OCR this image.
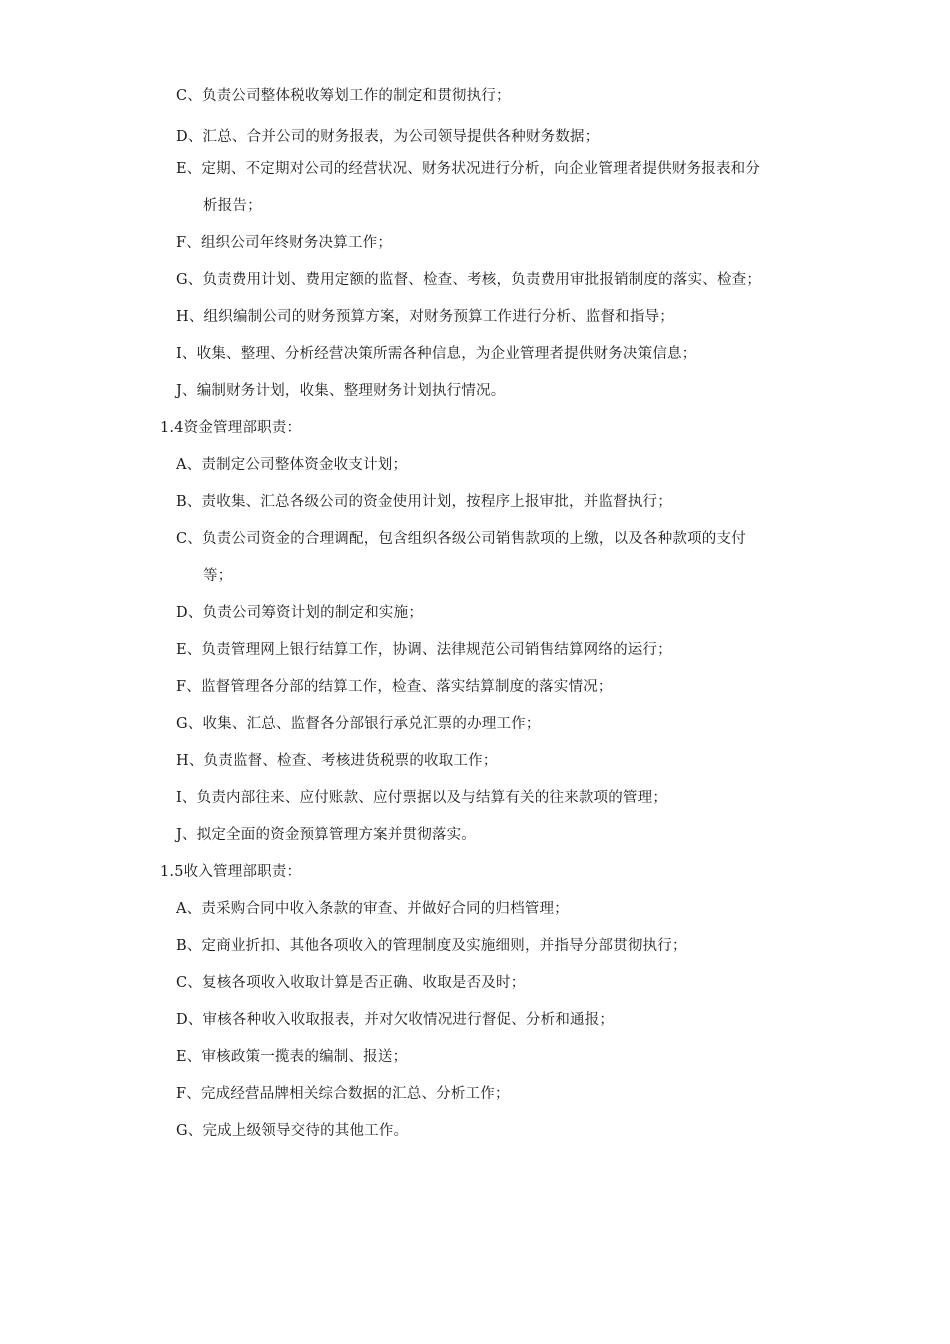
C、负责公司整体税收筹划工作的制定和贯彻执行；
D、汇总、合并公司的财务报表，为公司领导提供各种财务数据；
E、定期、不定期对公司的经营状况、财务状况进行分析，向企业管理者提供财务报表和分
析报告；
F、组织公司年终财务决算工作；
G、负责费用计划、费用定额的监督、检查、考核，负责费用审批报销制度的落实、检查；
H、组织编制公司的财务预算方案，对财务预算工作进行分析、监督和指导；
I、收集、整理、分析经营决策所需各种信息，为企业管理者提供财务决策信息；
J、编制财务计划，收集、整理财务计划执行情况。
1.4资金管理部职责：
A、责制定公司整体资金收支计划；
B、责收集、汇总各级公司的资金使用计划，按程序上报审批，并监督执行；
C、负责公司资金的合理调配，包含组织各级公司销售款项的上缴，以及各种款项的支付
等；
D、负责公司筹资计划的制定和实施；
E、负责管理网上银行结算工作，协调、法律规范公司销售结算网络的运行；
F、监督管理各分部的结算工作，检查、落实结算制度的落实情况；
G、收集、汇总、监督各分部银行承兑汇票的办理工作；
H、负责监督、检查、考核进货税票的收取工作；
I、负责内部往来、应付账款、应付票据以及与结算有关的往来款项的管理；
J、拟定全面的资金预算管理方案并贯彻落实。
1.5收入管理部职责：
A、责采购合同中收入条款的审查、并做好合同的归档管理；
B、定商业折扣、其他各项收入的管理制度及实施细则，并指导分部贯彻执行；
C、复核各项收入收取计算是否正确、收取是否及时；
D、审核各种收入收取报表，并对欠收情况进行督促、分析和通报；
E、审核政策一揽表的编制、报送；
F、完成经营品牌相关综合数据的汇总、分析工作；
G、完成上级领导交待的其他工作。
